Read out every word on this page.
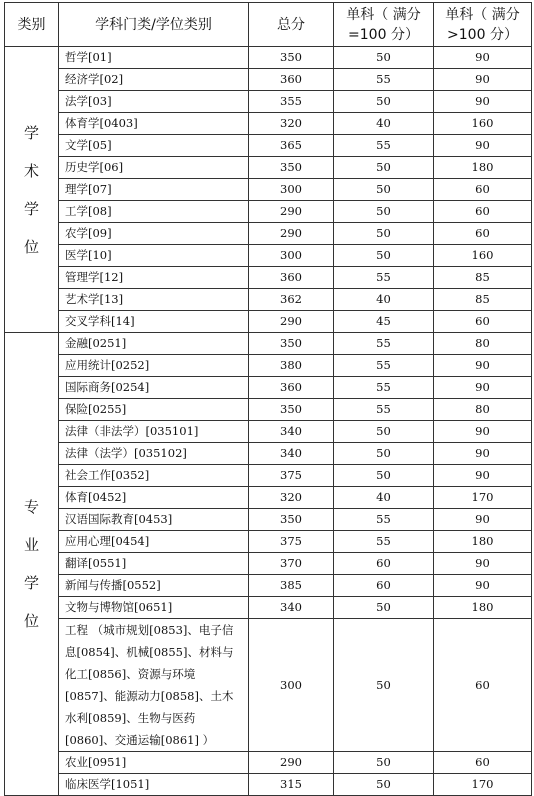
类别	学科门类/学位类别	总分	单科（ 满分=100 分）	单科（ 满分>100 分）

学
术
学
位	哲学[01]	350	50	90
	经济学[02]	360	55	90
	法学[03]	355	50	90
	体育学[0403]	320	40	160
	文学[05]	365	55	90
	历史学[06]	350	50	180
	理学[07]	300	50	60
	工学[08]	290	50	60
	农学[09]	290	50	60
	医学[10]	300	50	160
	管理学[12]	360	55	85
	艺术学[13]	362	40	85
	交叉学科[14]	290	45	60

专
业
学
位	金融[0251]	350	55	80
	应用统计[0252]	380	55	90
	国际商务[0254]	360	55	90
	保险[0255]	350	55	80
	法律（非法学）[035101]	340	50	90
	法律（法学）[035102]	340	50	90
	社会工作[0352]	375	50	90
	体育[0452]	320	40	170
	汉语国际教育[0453]	350	55	90
	应用心理[0454]	375	55	180
	翻译[0551]	370	60	90
	新闻与传播[0552]	385	60	90
	文物与博物馆[0651]	340	50	180
	工程 （城市规划[0853]、电子信息[0854]、机械[0855]、材料与化工[0856]、资源与环境[0857]、能源动力[0858]、土木水利[0859]、生物与医药[0860]、交通运输[0861] ）	300	50	60
	农业[0951]	290	50	60
	临床医学[1051]	315	50	170
